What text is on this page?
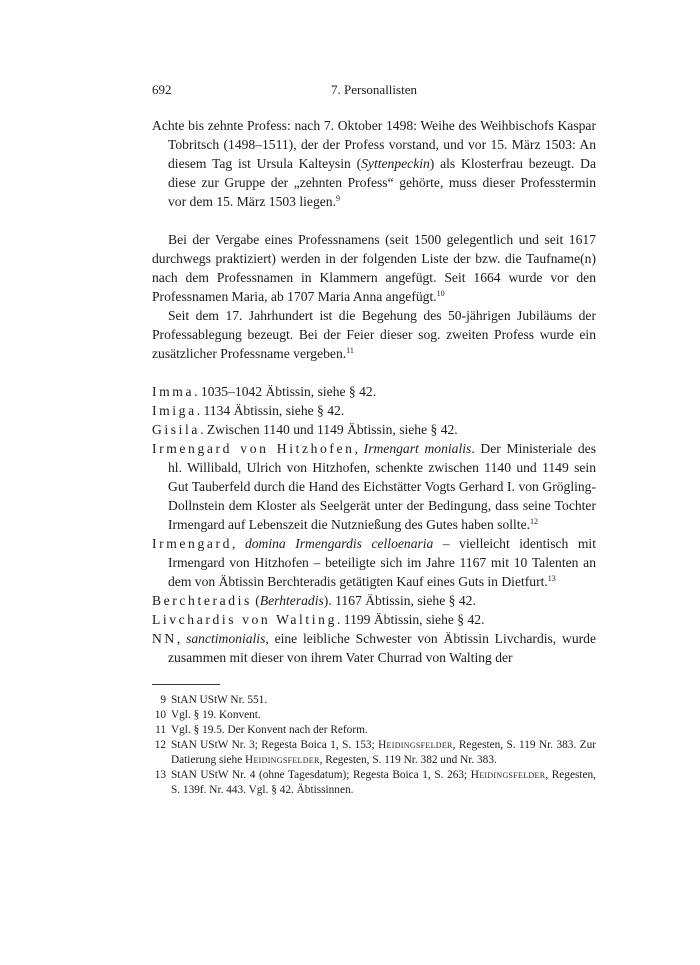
692	7. Personallisten

Achte bis zehnte Profess: nach 7. Oktober 1498: Weihe des Weihbischofs Kaspar Tobritsch (1498–1511), der der Profess vorstand, und vor 15. März 1503: An diesem Tag ist Ursula Kalteysin (Syttenpeckin) als Klosterfrau bezeugt. Da diese zur Gruppe der „zehnten Profess“ gehörte, muss dieser Professtermin vor dem 15. März 1503 liegen.$^9$

Bei der Vergabe eines Professnamens (seit 1500 gelegentlich und seit 1617 durchwegs praktiziert) werden in der folgenden Liste der bzw. die Taufname(n) nach dem Professnamen in Klammern angefügt. Seit 1664 wurde vor den Professnamen Maria, ab 1707 Maria Anna angefügt.$^{10}$

Seit dem 17. Jahrhundert ist die Begehung des 50-jährigen Jubiläums der Professablegung bezeugt. Bei der Feier dieser sog. zweiten Profess wurde ein zusätzlicher Professname vergeben.$^{11}$

Imma. 1035–1042 Äbtissin, siehe § 42.

Imiga. 1134 Äbtissin, siehe § 42.

Gisila. Zwischen 1140 und 1149 Äbtissin, siehe § 42.

Irmengard von Hitzhofen, Irmengart monialis. Der Ministeriale des hl. Willibald, Ulrich von Hitzhofen, schenkte zwischen 1140 und 1149 sein Gut Tauberfeld durch die Hand des Eichstätter Vogts Gerhard I. von Grögling-Dollnstein dem Kloster als Seelgerät unter der Bedingung, dass seine Tochter Irmengard auf Lebenszeit die Nutznießung des Gutes haben sollte.$^{12}$

Irmengard, domina Irmengardis celloenaria – vielleicht identisch mit Irmengard von Hitzhofen – beteiligte sich im Jahre 1167 mit 10 Talenten an dem von Äbtissin Berchteradis getätigten Kauf eines Guts in Dietfurt.$^{13}$

Berchteradis (Berhteradis). 1167 Äbtissin, siehe § 42.

Livchardis von Walting. 1199 Äbtissin, siehe § 42.

NN, sanctimonialis, eine leibliche Schwester von Äbtissin Livchardis, wurde zusammen mit dieser von ihrem Vater Churrad von Walting der

9 StAN UStW Nr. 551.
10 Vgl. § 19. Konvent.
11 Vgl. § 19.5. Der Konvent nach der Reform.
12 StAN UStW Nr. 3; Regesta Boica 1, S. 153; Heidingsfelder, Regesten, S. 119 Nr. 383. Zur Datierung siehe Heidingsfelder, Regesten, S. 119 Nr. 382 und Nr. 383.
13 StAN UStW Nr. 4 (ohne Tagesdatum); Regesta Boica 1, S. 263; Heidingsfelder, Regesten, S. 139f. Nr. 443. Vgl. § 42. Äbtissinnen.
